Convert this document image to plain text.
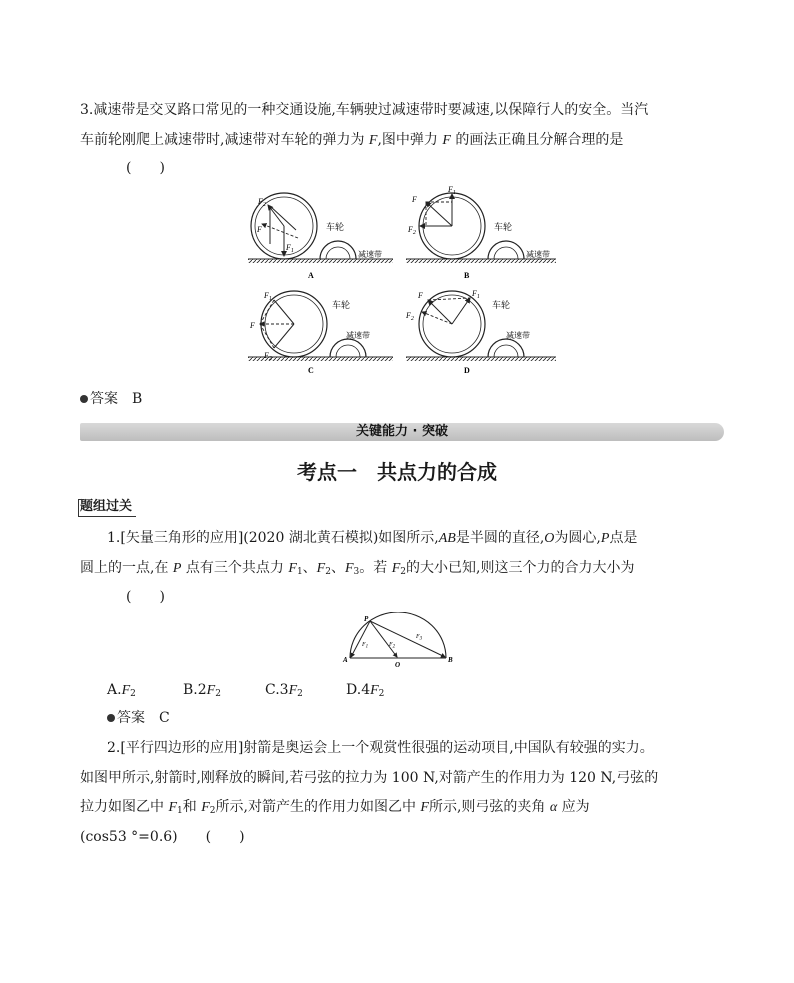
3.减速带是交叉路口常见的一种交通设施,车辆驶过减速带时要减速,以保障行人的安全。当汽
车前轮刚爬上减速带时,减速带对车轮的弹力为 F,图中弹力 F 的画法正确且分解合理的是
(　　)
$F_2$
F
$F_1$
车轮
减速带
A
$F_1$
F
$F_2$
车轮
减速带
B
$F_1$
F
$F_2$
车轮
减速带
C
F	$F_1$
$F_2$
车轮
减速带
D
答案　 B
关键能力 · 突破
考点一　共点力的合成
题组过关
1.[矢量三角形的应用](2020 湖北黄石模拟)如图所示,AB是半圆的直径,O为圆心,P点是
圆上的一点,在 P 点有三个共点力 $F_1$、$F_2$、$F_3$。若 $F_2$的大小已知,则这三个力的合力大小为
(　　)
P
A	B
O
$F_1$	$F_2$
$F_3$
$A.F_2$	$B.2F_2$	$C.3F_2$	$D.4F_2$
答案　 C
2.[平行四边形的应用]射箭是奥运会上一个观赏性很强的运动项目,中国队有较强的实力。
如图甲所示,射箭时,刚释放的瞬间,若弓弦的拉力为 100 N,对箭产生的作用力为 120 N,弓弦的
拉力如图乙中 $F_1$和 $F_2$所示,对箭产生的作用力如图乙中 F所示,则弓弦的夹角 α 应为
(cos53 °=0.6)　　 (　　)
